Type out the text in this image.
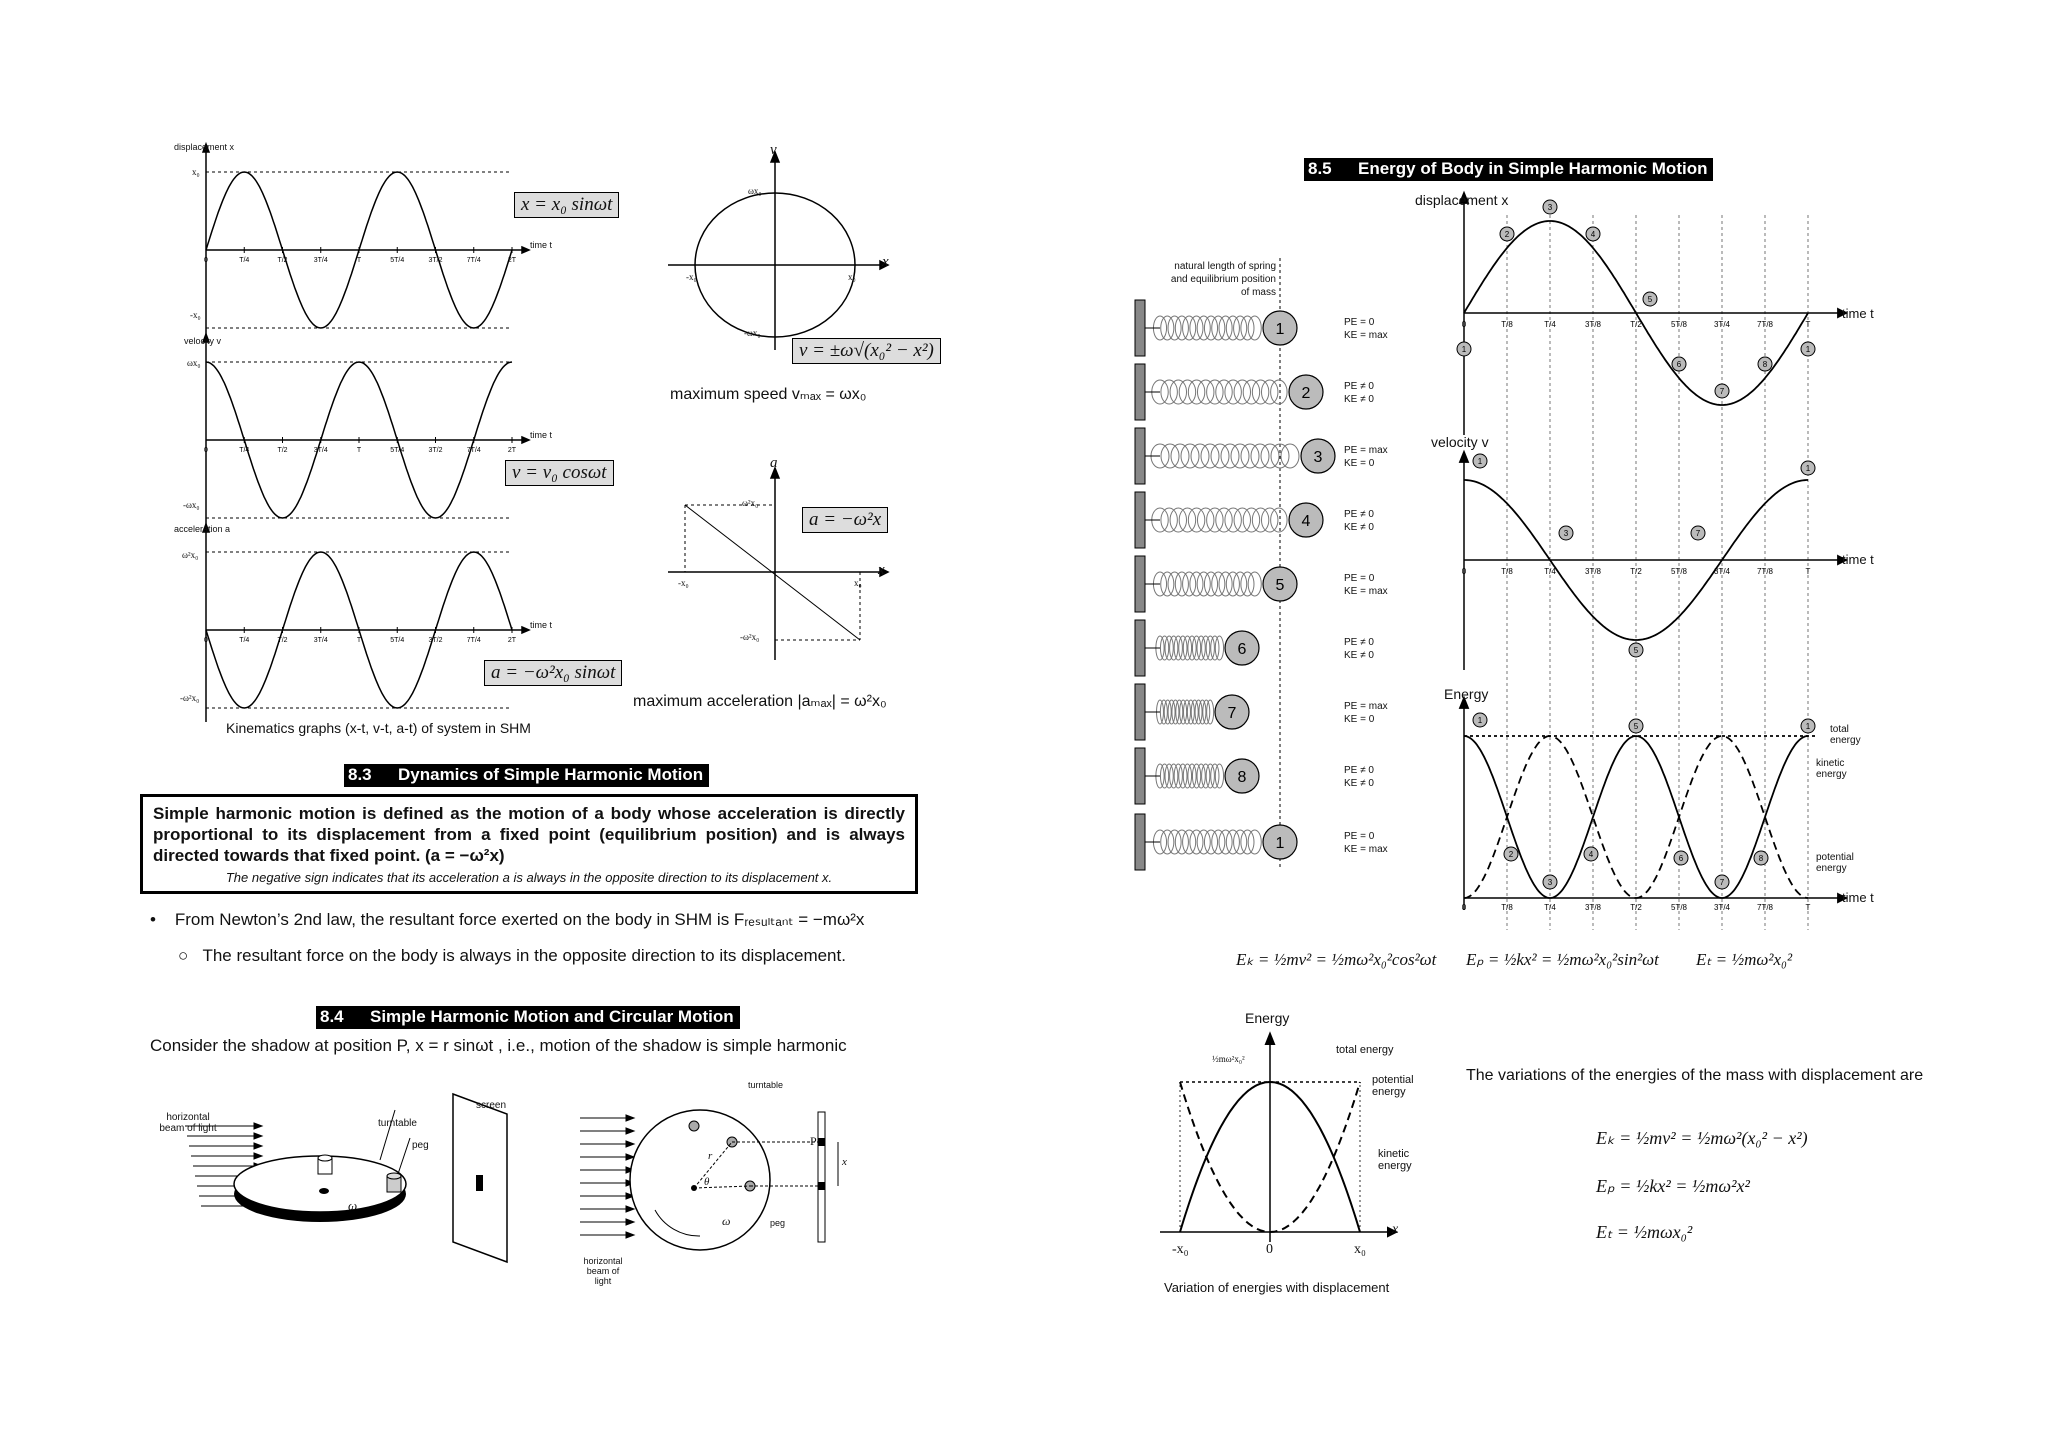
0	T/4	T/2	3T/4	T	5T/4	3T/2	7T/4	2T
0	T/4	T/2	3T/4	T	5T/4	3T/2	7T/4	2T
0	T/4	T/2	3T/4	T	5T/4	3T/2	7T/4	2T
displacement x
velocity v
acceleration a
time t
time t
time t
x₀
-x₀
ωx₀
-ωx₀
ω²x₀
-ω²x₀
x = x₀ sinωt
v = v₀ cosωt
a = −ω²x₀ sinωt
Kinematics graphs (x-t, v-t, a-t) of system in SHM
v
x
ωx₀
-ωx₀
-x₀	x₀
v = ±ω√(x₀² − x²)
maximum speed vₘₐₓ = ωx₀
a
x
ω²x₀
-ω²x₀
-x₀	x₀
a = −ω²x
maximum acceleration |aₘₐₓ| = ω²x₀
8.3 Dynamics of Simple Harmonic Motion
Simple harmonic motion is defined as the motion of a body whose acceleration is directly proportional to its displacement from a fixed point (equilibrium position) and is always directed towards that fixed point. (a = −ω²x)
The negative sign indicates that its acceleration a is always in the opposite direction to its displacement x.
•    From Newton’s 2nd law, the resultant force exerted on the body in SHM is Fᵣₑₛᵤₗₜₐₙₜ = −mω²x
○   The resultant force on the body is always in the opposite direction to its displacement.
8.4 Simple Harmonic Motion and Circular Motion
Consider the shadow at position P, x = r sinωt , i.e., motion of the shadow is simple harmonic
horizontal beam of light	turntable
peg
screen
ω
turntable
peg
horizontal beam of light
P
x
r
θ
ω
8.5 Energy of Body in Simple Harmonic Motion
natural length of spring and equilibrium position of mass
1
2
3
4
5
6
7
8
1
PE = 0
KE = max
PE ≠ 0
KE ≠ 0
PE = max
KE = 0
PE ≠ 0
KE ≠ 0
PE = 0
KE = max
PE ≠ 0
KE ≠ 0
PE = max
KE = 0
PE ≠ 0
KE ≠ 0
PE = 0
KE = max
0	T/8	T/4	3T/8	T/2	5T/8	3T/4	7T/8	T
0	T/8	T/4	3T/8	T/2	5T/8	3T/4	7T/8	T
0	T/8	T/4	3T/8	T/2	5T/8	3T/4	7T/8	T
1
2
3
4
5
6
7
8
1
1
3
5
7
1
1
5	1
2
3
4	6
7
8
displacement x
velocity v
Energy
time t
time t
time t
total energy
kinetic energy
potential energy
Eₖ = ½mv² = ½mω²x₀²cos²ωt Eₚ = ½kx² = ½mω²x₀²sin²ωt Eₜ = ½mω²x₀²
Energy
x
½mω²x₀²
-x₀	0	x₀
total energy
potential energy
kinetic energy
Variation of energies with displacement
The variations of the energies of the mass with displacement are
Eₖ = ½mv² = ½mω²(x₀² − x²)
Eₚ = ½kx² = ½mω²x²
Eₜ = ½mωx₀²
